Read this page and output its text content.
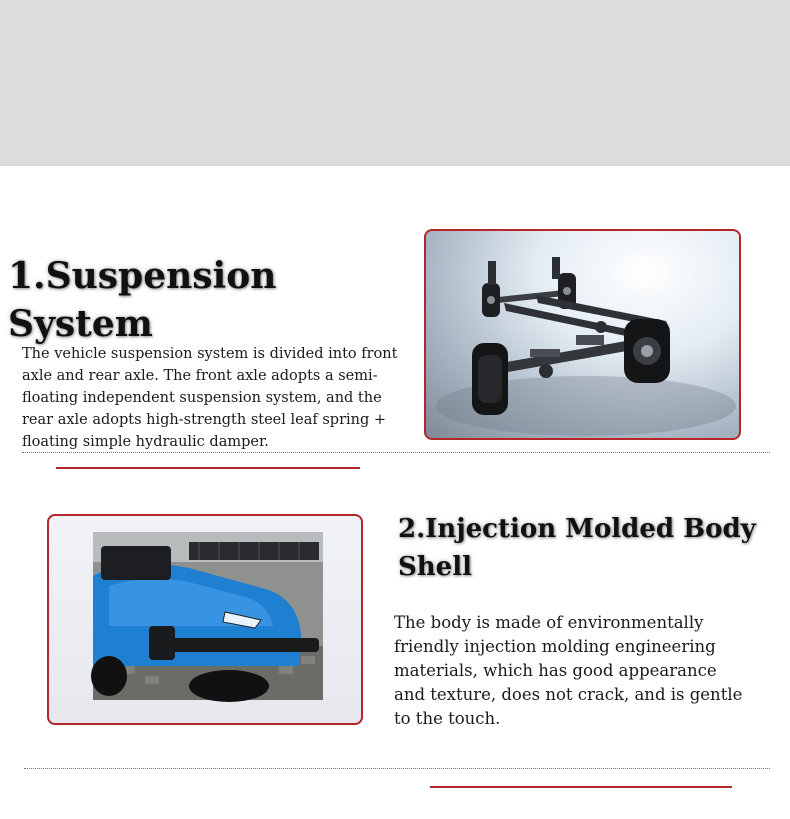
1.Suspension System

The vehicle suspension system is divided into front
axle and rear axle. The front axle adopts a semi-
floating independent suspension system, and the
rear axle adopts high-strength steel leaf spring +
floating simple hydraulic damper.

2.Injection Molded Body
Shell

The body is made of environmentally
friendly injection molding engineering
materials, which has good appearance
and texture, does not crack, and is gentle
to the touch.
